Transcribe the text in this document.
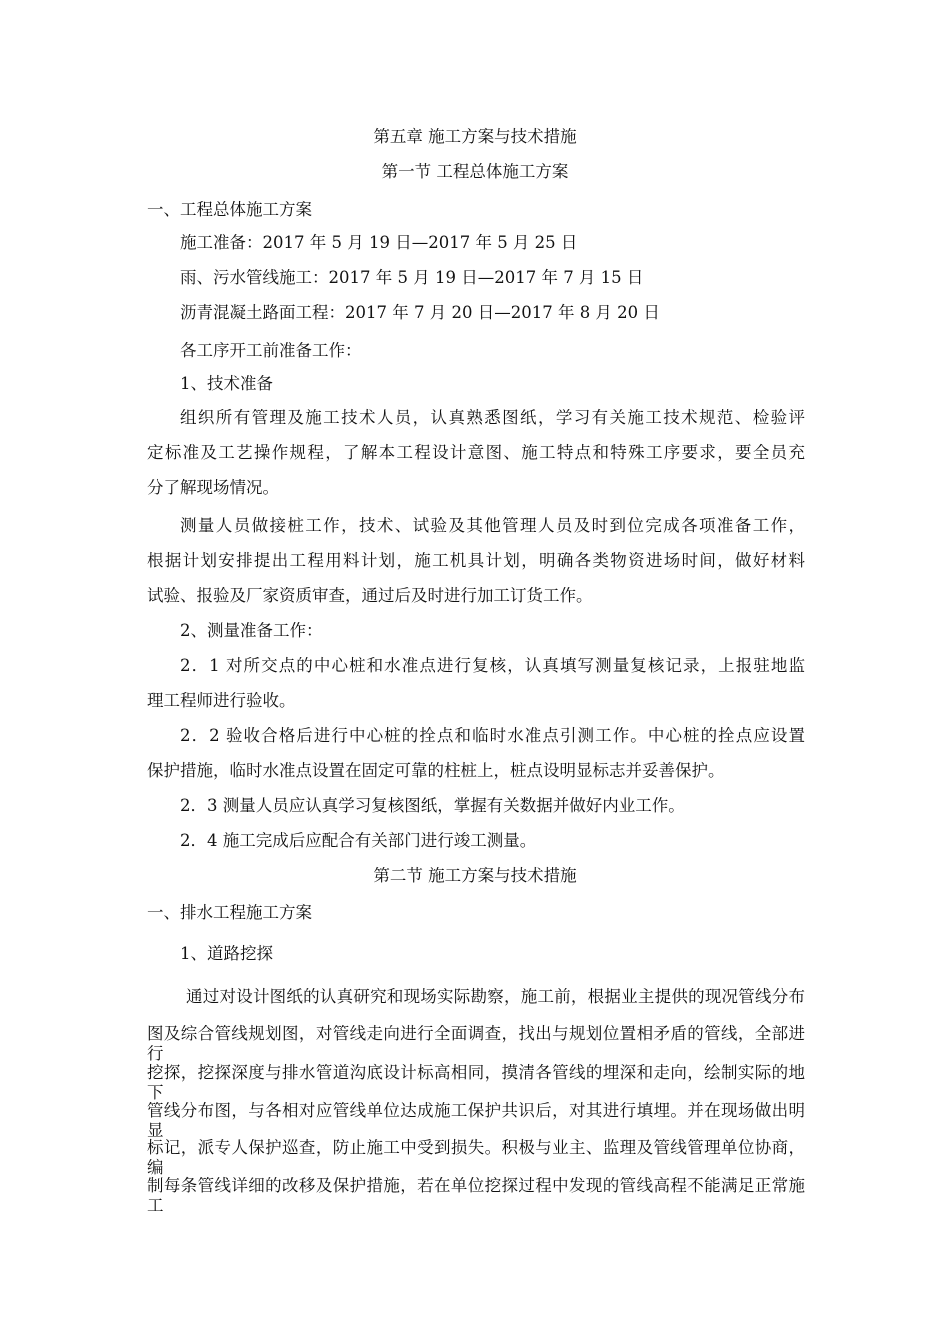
第五章 施工方案与技术措施
第一节 工程总体施工方案
一、工程总体施工方案
施工准备：2017 年 5 月 19 日—2017 年 5 月 25 日
雨、污水管线施工：2017 年 5 月 19 日—2017 年 7 月 15 日
沥青混凝土路面工程：2017 年 7 月 20 日—2017 年 8 月 20 日
各工序开工前准备工作：
1、技术准备
组织所有管理及施工技术人员，认真熟悉图纸，学习有关施工技术规范、检验评
定标准及工艺操作规程，了解本工程设计意图、施工特点和特殊工序要求，要全员充
分了解现场情况。
测量人员做接桩工作，技术、试验及其他管理人员及时到位完成各项准备工作，
根据计划安排提出工程用料计划，施工机具计划，明确各类物资进场时间，做好材料
试验、报验及厂家资质审查，通过后及时进行加工订货工作。
2、测量准备工作：
2．1 对所交点的中心桩和水准点进行复核，认真填写测量复核记录，上报驻地监
理工程师进行验收。
2．2 验收合格后进行中心桩的拴点和临时水准点引测工作。中心桩的拴点应设置
保护措施，临时水准点设置在固定可靠的柱桩上，桩点设明显标志并妥善保护。
2．3 测量人员应认真学习复核图纸，掌握有关数据并做好内业工作。
2．4 施工完成后应配合有关部门进行竣工测量。
第二节 施工方案与技术措施
一、排水工程施工方案
1、道路挖探
通过对设计图纸的认真研究和现场实际勘察，施工前，根据业主提供的现况管线分布
图及综合管线规划图，对管线走向进行全面调查，找出与规划位置相矛盾的管线，全部进行
挖探，挖探深度与排水管道沟底设计标高相同，摸清各管线的埋深和走向，绘制实际的地下
管线分布图，与各相对应管线单位达成施工保护共识后，对其进行填埋。并在现场做出明显
标记，派专人保护巡查，防止施工中受到损失。积极与业主、监理及管线管理单位协商，编
制每条管线详细的改移及保护措施，若在单位挖探过程中发现的管线高程不能满足正常施工
